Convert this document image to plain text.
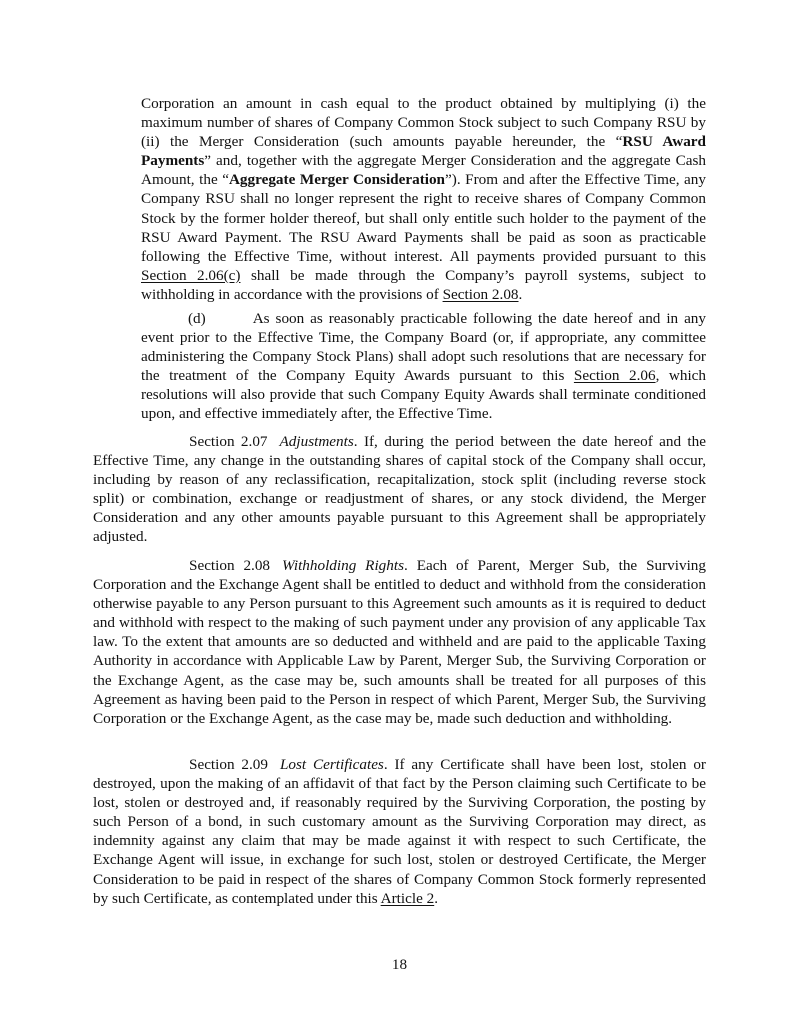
Corporation an amount in cash equal to the product obtained by multiplying (i) the maximum number of shares of Company Common Stock subject to such Company RSU by (ii) the Merger Consideration (such amounts payable hereunder, the “RSU Award Payments” and, together with the aggregate Merger Consideration and the aggregate Cash Amount, the “Aggregate Merger Consideration”). From and after the Effective Time, any Company RSU shall no longer represent the right to receive shares of Company Common Stock by the former holder thereof, but shall only entitle such holder to the payment of the RSU Award Payment. The RSU Award Payments shall be paid as soon as practicable following the Effective Time, without interest. All payments provided pursuant to this Section 2.06(c) shall be made through the Company’s payroll systems, subject to withholding in accordance with the provisions of Section 2.08.

(d)	As soon as reasonably practicable following the date hereof and in any event prior to the Effective Time, the Company Board (or, if appropriate, any committee administering the Company Stock Plans) shall adopt such resolutions that are necessary for the treatment of the Company Equity Awards pursuant to this Section 2.06, which resolutions will also provide that such Company Equity Awards shall terminate conditioned upon, and effective immediately after, the Effective Time.

Section 2.07 Adjustments. If, during the period between the date hereof and the Effective Time, any change in the outstanding shares of capital stock of the Company shall occur, including by reason of any reclassification, recapitalization, stock split (including reverse stock split) or combination, exchange or readjustment of shares, or any stock dividend, the Merger Consideration and any other amounts payable pursuant to this Agreement shall be appropriately adjusted.

Section 2.08 Withholding Rights. Each of Parent, Merger Sub, the Surviving Corporation and the Exchange Agent shall be entitled to deduct and withhold from the consideration otherwise payable to any Person pursuant to this Agreement such amounts as it is required to deduct and withhold with respect to the making of such payment under any provision of any applicable Tax law. To the extent that amounts are so deducted and withheld and are paid to the applicable Taxing Authority in accordance with Applicable Law by Parent, Merger Sub, the Surviving Corporation or the Exchange Agent, as the case may be, such amounts shall be treated for all purposes of this Agreement as having been paid to the Person in respect of which Parent, Merger Sub, the Surviving Corporation or the Exchange Agent, as the case may be, made such deduction and withholding.

Section 2.09 Lost Certificates. If any Certificate shall have been lost, stolen or destroyed, upon the making of an affidavit of that fact by the Person claiming such Certificate to be lost, stolen or destroyed and, if reasonably required by the Surviving Corporation, the posting by such Person of a bond, in such customary amount as the Surviving Corporation may direct, as indemnity against any claim that may be made against it with respect to such Certificate, the Exchange Agent will issue, in exchange for such lost, stolen or destroyed Certificate, the Merger Consideration to be paid in respect of the shares of Company Common Stock formerly represented by such Certificate, as contemplated under this Article 2.

18
